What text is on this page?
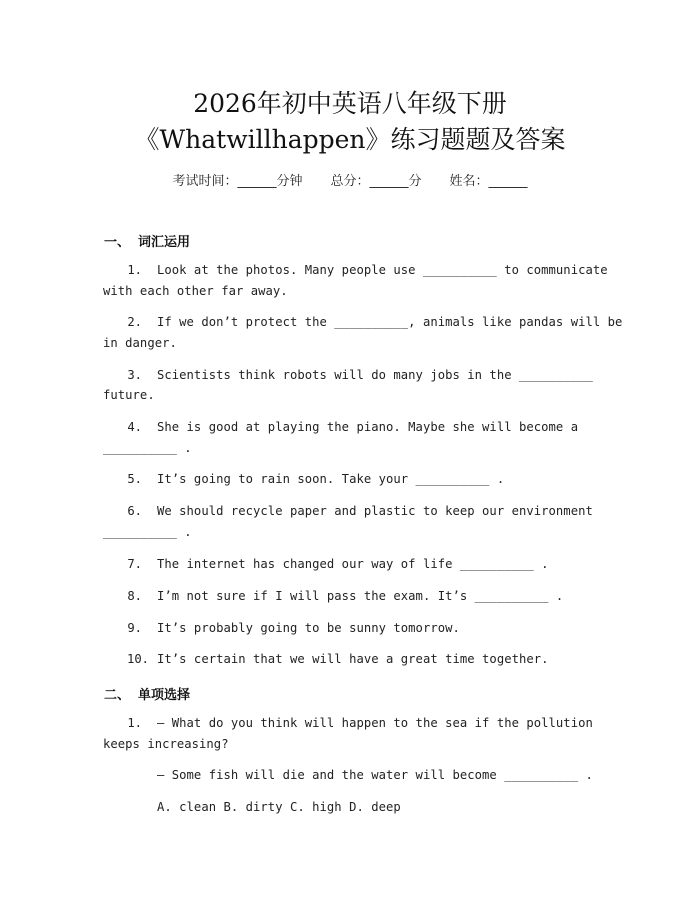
2026年初中英语八年级下册
《Whatwillhappen》练习题题及答案
考试时间：______分钟 总分：______分 姓名：______
一、 词汇运用
1. Look at the photos. Many people use __________ to communicate
with each other far away.
2. If we don’t protect the __________, animals like pandas will be
in danger.
3. Scientists think robots will do many jobs in the __________
future.
4. She is good at playing the piano. Maybe she will become a
__________ .
5. It’s going to rain soon. Take your __________ .
6. We should recycle paper and plastic to keep our environment
__________ .
7. The internet has changed our way of life __________ .
8. I’m not sure if I will pass the exam. It’s __________ .
9. It’s probably going to be sunny tomorrow.
10. It’s certain that we will have a great time together.
二、 单项选择
1. — What do you think will happen to the sea if the pollution
keeps increasing?
— Some fish will die and the water will become __________ .
A. clean B. dirty C. high D. deep
